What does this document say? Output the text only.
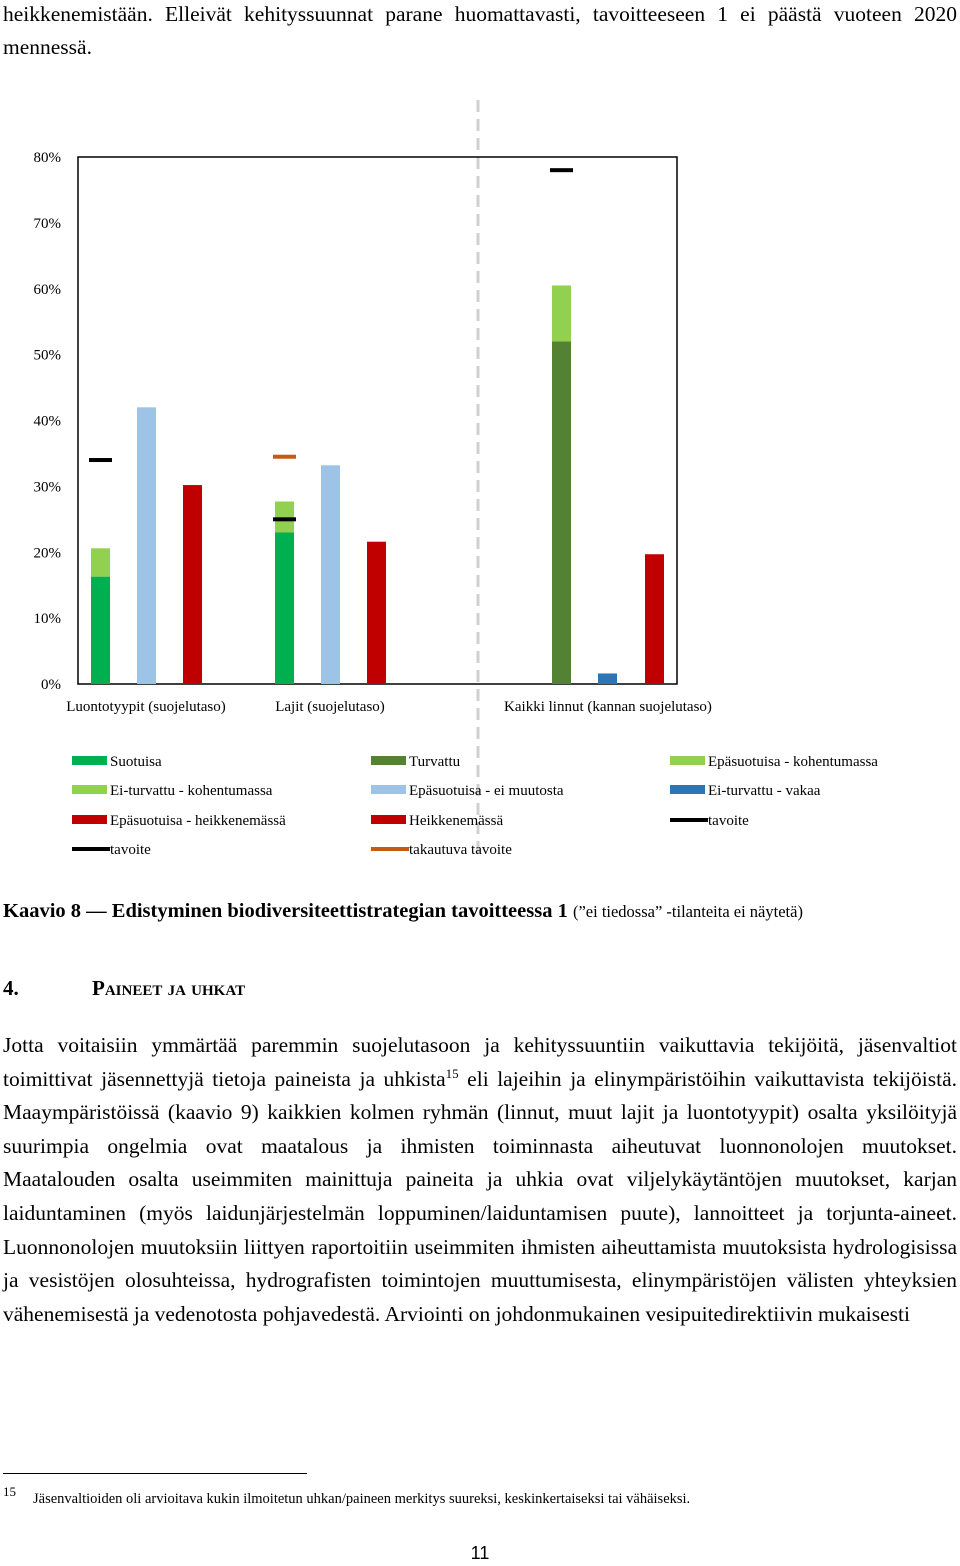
heikkenemistään. Elleivät kehityssuunnat parane huomattavasti, tavoitteeseen 1 ei päästä vuoteen 2020 mennessä.
0%
10%
20%
30%
40%
50%
60%
70%
80%
Luontotyypit (suojelutaso)	Lajit (suojelutaso)	Kaikki linnut (kannan suojelutaso)
Suotuisa	Turvattu	Epäsuotuisa - kohentumassa
Ei-turvattu - kohentumassa	Epäsuotuisa - ei muutosta	Ei-turvattu - vakaa
Epäsuotuisa - heikkenemässä	Heikkenemässä	tavoite
tavoite	takautuva tavoite
Kaavio 8 — Edistyminen biodiversiteettistrategian tavoitteessa 1 (”ei tiedossa” -tilanteita ei näytetä)
4.	Paineet ja uhkat
Jotta voitaisiin ymmärtää paremmin suojelutasoon ja kehityssuuntiin vaikuttavia tekijöitä, jäsenvaltiot toimittivat jäsennettyjä tietoja paineista ja uhkista$^{15}$ eli lajeihin ja elinympäristöihin vaikuttavista tekijöistä. Maaympäristöissä (kaavio 9) kaikkien kolmen ryhmän (linnut, muut lajit ja luontotyypit) osalta yksilöityjä suurimpia ongelmia ovat maatalous ja ihmisten toiminnasta aiheutuvat luonnonolojen muutokset. Maatalouden osalta useimmiten mainittuja paineita ja uhkia ovat viljelykäytäntöjen muutokset, karjan laiduntaminen (myös laidunjärjestelmän loppuminen/laiduntamisen puute), lannoitteet ja torjunta-aineet. Luonnonolojen muutoksiin liittyen raportoitiin useimmiten ihmisten aiheuttamista muutoksista hydrologisissa ja vesistöjen olosuhteissa, hydrografisten toimintojen muuttumisesta, elinympäristöjen välisten yhteyksien vähenemisestä ja vedenotosta pohjavedestä. Arviointi on johdonmukainen vesipuitedirektiivin mukaisesti
15 Jäsenvaltioiden oli arvioitava kukin ilmoitetun uhkan/paineen merkitys suureksi, keskinkertaiseksi tai vähäiseksi.
11
